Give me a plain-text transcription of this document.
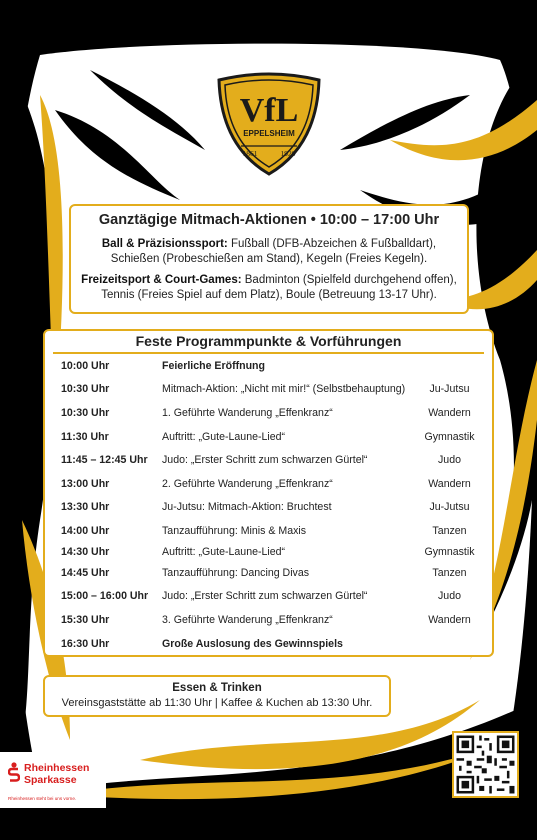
VfL
EPPELSHEIM
1861	1920
Ganztägige Mitmach-Aktionen • 10:00 – 17:00 Uhr
Ball & Präzisionssport: Fußball (DFB-Abzeichen & Fußballdart), Schießen (Probeschießen am Stand), Kegeln (Freies Kegeln).
Freizeitsport & Court-Games: Badminton (Spielfeld durchgehend offen), Tennis (Freies Spiel auf dem Platz), Boule (Betreuung 13-17 Uhr).
Feste Programmpunkte & Vorführungen
10:00 Uhr	Feierliche Eröffnung
10:30 Uhr	Mitmach-Aktion: „Nicht mit mir!“ (Selbstbehauptung)	Ju-Jutsu
10:30 Uhr	1. Geführte Wanderung „Effenkranz“	Wandern
11:30 Uhr	Auftritt: „Gute-Laune-Lied“	Gymnastik
11:45 – 12:45 Uhr Judo: „Erster Schritt zum schwarzen Gürtel“	Judo
13:00 Uhr	2. Geführte Wanderung „Effenkranz“	Wandern
13:30 Uhr	Ju-Jutsu: Mitmach-Aktion: Bruchtest	Ju-Jutsu
14:00 Uhr	Tanzaufführung: Minis & Maxis	Tanzen
14:30 Uhr	Auftritt: „Gute-Laune-Lied“	Gymnastik
14:45 Uhr	Tanzaufführung: Dancing Divas	Tanzen
15:00 – 16:00 Uhr Judo: „Erster Schritt zum schwarzen Gürtel“	Judo
15:30 Uhr	3. Geführte Wanderung „Effenkranz“	Wandern
16:30 Uhr	Große Auslosung des Gewinnspiels
Essen & Trinken
Vereinsgaststätte ab 11:30 Uhr | Kaffee & Kuchen ab 13:30 Uhr.
Rheinhessen
Sparkasse
Rheinhessen steht bei uns vorne.
